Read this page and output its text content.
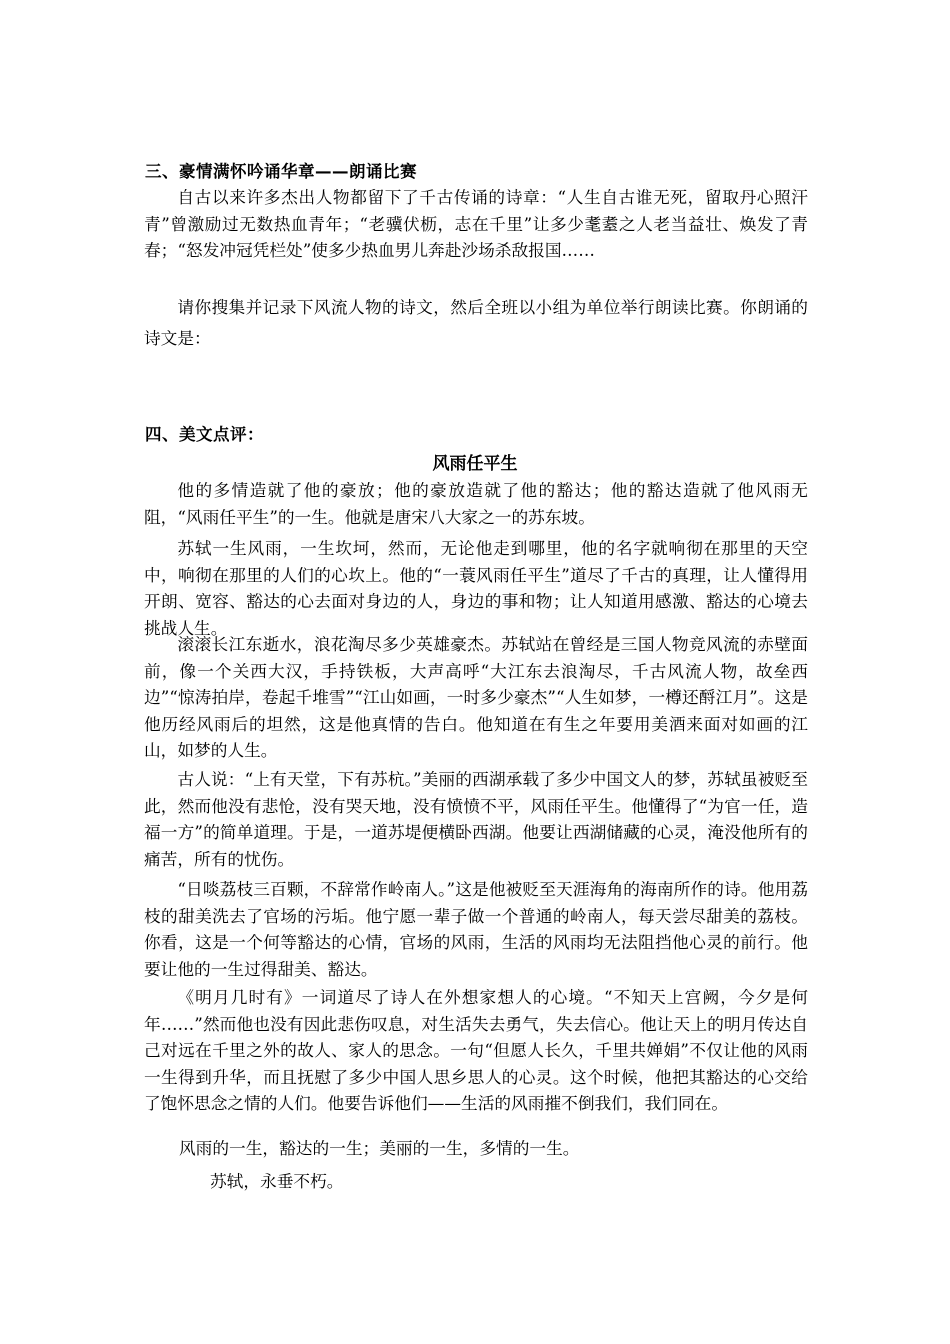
三、豪情满怀吟诵华章——朗诵比赛

自古以来许多杰出人物都留下了千古传诵的诗章：“人生自古谁无死，留取丹心照汗青”曾激励过无数热血青年；“老骥伏枥，志在千里”让多少耄耋之人老当益壮、焕发了青春；“怒发冲冠凭栏处”使多少热血男儿奔赴沙场杀敌报国……

请你搜集并记录下风流人物的诗文，然后全班以小组为单位举行朗读比赛。你朗诵的诗文是：

四、美文点评：
风雨任平生

他的多情造就了他的豪放；他的豪放造就了他的豁达；他的豁达造就了他风雨无阻，“风雨任平生”的一生。他就是唐宋八大家之一的苏东坡。

苏轼一生风雨，一生坎坷，然而，无论他走到哪里，他的名字就响彻在那里的天空中，响彻在那里的人们的心坎上。他的“一蓑风雨任平生”道尽了千古的真理，让人懂得用开朗、宽容、豁达的心去面对身边的人，身边的事和物；让人知道用感激、豁达的心境去挑战人生。

滚滚长江东逝水，浪花淘尽多少英雄豪杰。苏轼站在曾经是三国人物竞风流的赤壁面前，像一个关西大汉，手持铁板，大声高呼“大江东去浪淘尽，千古风流人物，故垒西边”“惊涛拍岸，卷起千堆雪”“江山如画，一时多少豪杰”“人生如梦，一樽还酹江月”。这是他历经风雨后的坦然，这是他真情的告白。他知道在有生之年要用美酒来面对如画的江山，如梦的人生。

古人说：“上有天堂，下有苏杭。”美丽的西湖承载了多少中国文人的梦，苏轼虽被贬至此，然而他没有悲怆，没有哭天地，没有愤愤不平，风雨任平生。他懂得了“为官一任，造福一方”的简单道理。于是，一道苏堤便横卧西湖。他要让西湖储藏的心灵，淹没他所有的痛苦，所有的忧伤。

“日啖荔枝三百颗，不辞常作岭南人。”这是他被贬至天涯海角的海南所作的诗。他用荔枝的甜美洗去了官场的污垢。他宁愿一辈子做一个普通的岭南人，每天尝尽甜美的荔枝。你看，这是一个何等豁达的心情，官场的风雨，生活的风雨均无法阻挡他心灵的前行。他要让他的一生过得甜美、豁达。

《明月几时有》一词道尽了诗人在外想家想人的心境。“不知天上宫阙，今夕是何年……”然而他也没有因此悲伤叹息，对生活失去勇气，失去信心。他让天上的明月传达自己对远在千里之外的故人、家人的思念。一句“但愿人长久，千里共婵娟”不仅让他的风雨一生得到升华，而且抚慰了多少中国人思乡思人的心灵。这个时候，他把其豁达的心交给了饱怀思念之情的人们。他要告诉他们——生活的风雨摧不倒我们，我们同在。

风雨的一生，豁达的一生；美丽的一生，多情的一生。
苏轼，永垂不朽。
